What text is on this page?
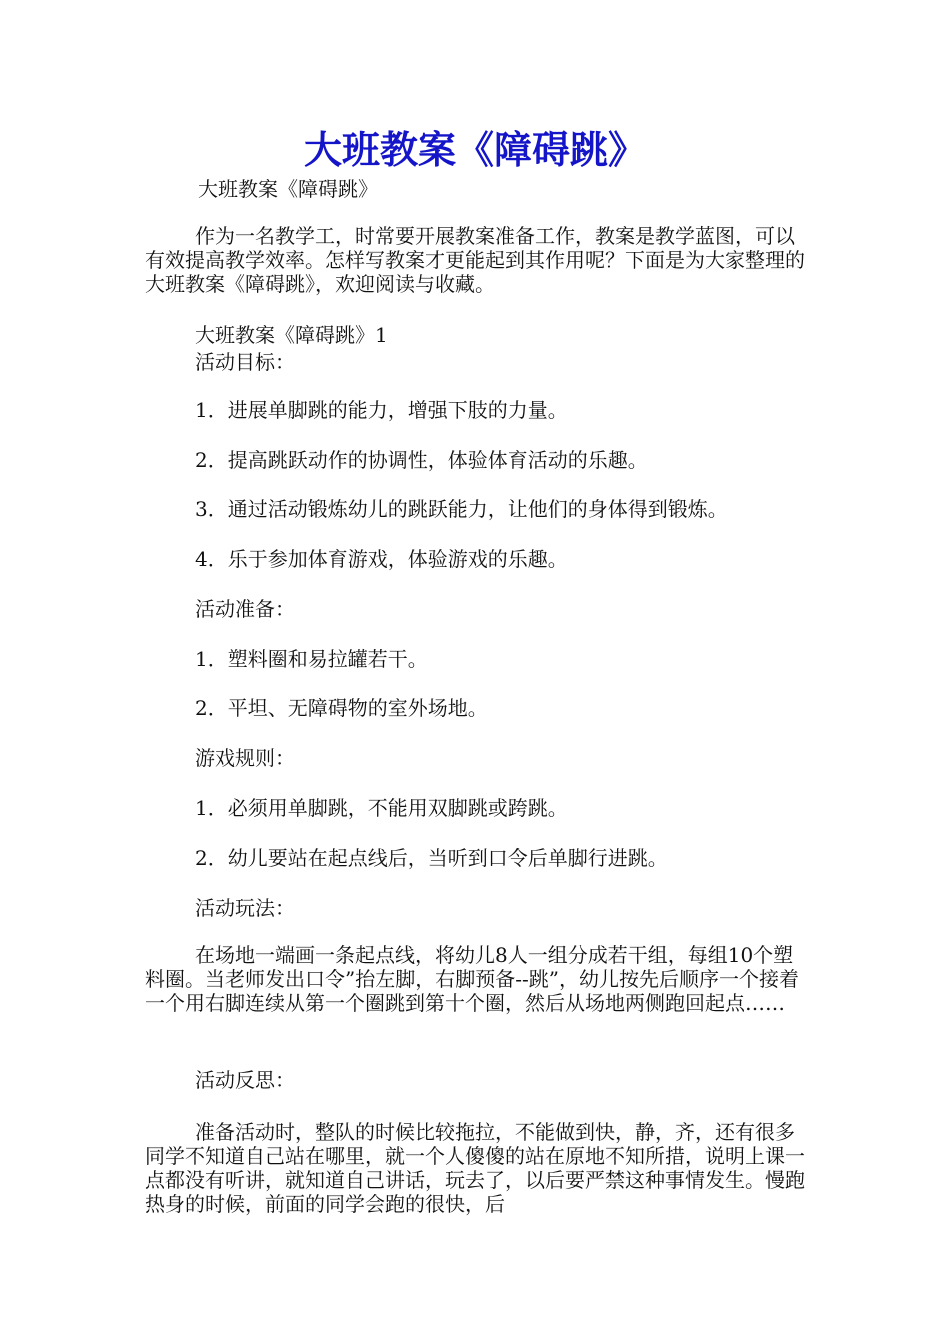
大班教案《障碍跳》

大班教案《障碍跳》

作为一名教学工，时常要开展教案准备工作，教案是教学蓝图，可以有效提高教学效率。怎样写教案才更能起到其作用呢？下面是为大家整理的大班教案《障碍跳》，欢迎阅读与收藏。

大班教案《障碍跳》1

活动目标：

1．进展单脚跳的能力，增强下肢的力量。

2．提高跳跃动作的协调性，体验体育活动的乐趣。

3．通过活动锻炼幼儿的跳跃能力，让他们的身体得到锻炼。

4．乐于参加体育游戏，体验游戏的乐趣。

活动准备：

1．塑料圈和易拉罐若干。

2．平坦、无障碍物的室外场地。

游戏规则：

1．必须用单脚跳，不能用双脚跳或跨跳。

2．幼儿要站在起点线后，当听到口令后单脚行进跳。

活动玩法：

在场地一端画一条起点线，将幼儿8人一组分成若干组，每组10个塑料圈。当老师发出口令”抬左脚，右脚预备--跳”，幼儿按先后顺序一个接着一个用右脚连续从第一个圈跳到第十个圈，然后从场地两侧跑回起点……

活动反思：

准备活动时，整队的时候比较拖拉，不能做到快，静，齐，还有很多同学不知道自己站在哪里，就一个人傻傻的站在原地不知所措，说明上课一点都没有听讲，就知道自己讲话，玩去了，以后要严禁这种事情发生。慢跑热身的时候，前面的同学会跑的很快，后
